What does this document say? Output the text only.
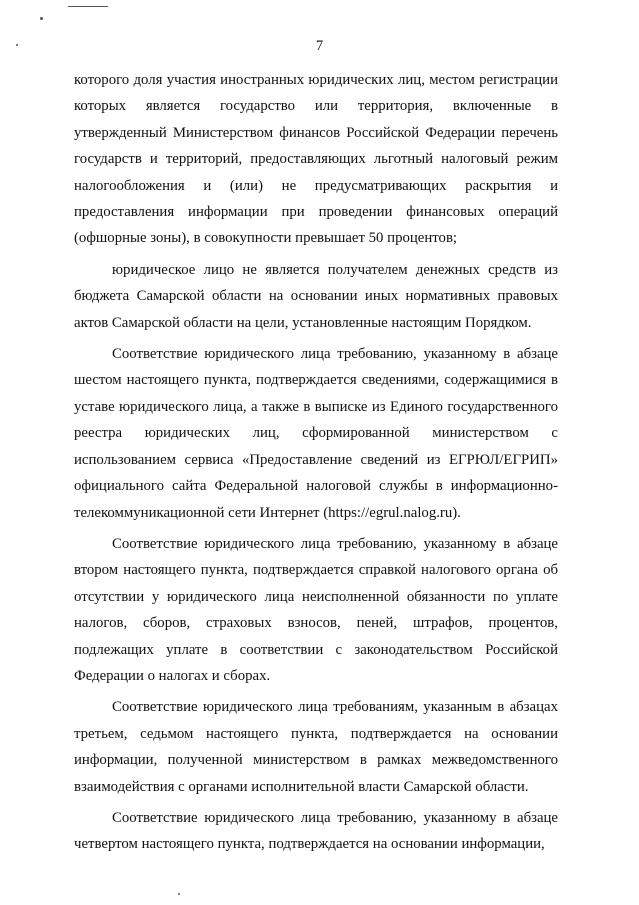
7

которого доля участия иностранных юридических лиц, местом регистрации которых является государство или территория, включенные в утвержденный Министерством финансов Российской Федерации перечень государств и территорий, предоставляющих льготный налоговый режим налогообложения и (или) не предусматривающих раскрытия и предоставления информации при проведении финансовых операций (офшорные зоны), в совокупности превышает 50 процентов;

юридическое лицо не является получателем денежных средств из бюджета Самарской области на основании иных нормативных правовых актов Самарской области на цели, установленные настоящим Порядком.

Соответствие юридического лица требованию, указанному в абзаце шестом настоящего пункта, подтверждается сведениями, содержащимися в уставе юридического лица, а также в выписке из Единого государственного реестра юридических лиц, сформированной министерством с использованием сервиса «Предоставление сведений из ЕГРЮЛ/ЕГРИП» официального сайта Федеральной налоговой службы в информационно-телекоммуникационной сети Интернет (https://egrul.nalog.ru).

Соответствие юридического лица требованию, указанному в абзаце втором настоящего пункта, подтверждается справкой налогового органа об отсутствии у юридического лица неисполненной обязанности по уплате налогов, сборов, страховых взносов, пеней, штрафов, процентов, подлежащих уплате в соответствии с законодательством Российской Федерации о налогах и сборах.

Соответствие юридического лица требованиям, указанным в абзацах третьем, седьмом настоящего пункта, подтверждается на основании информации, полученной министерством в рамках межведомственного взаимодействия с органами исполнительной власти Самарской области.

Соответствие юридического лица требованию, указанному в абзаце четвертом настоящего пункта, подтверждается на основании информации,
